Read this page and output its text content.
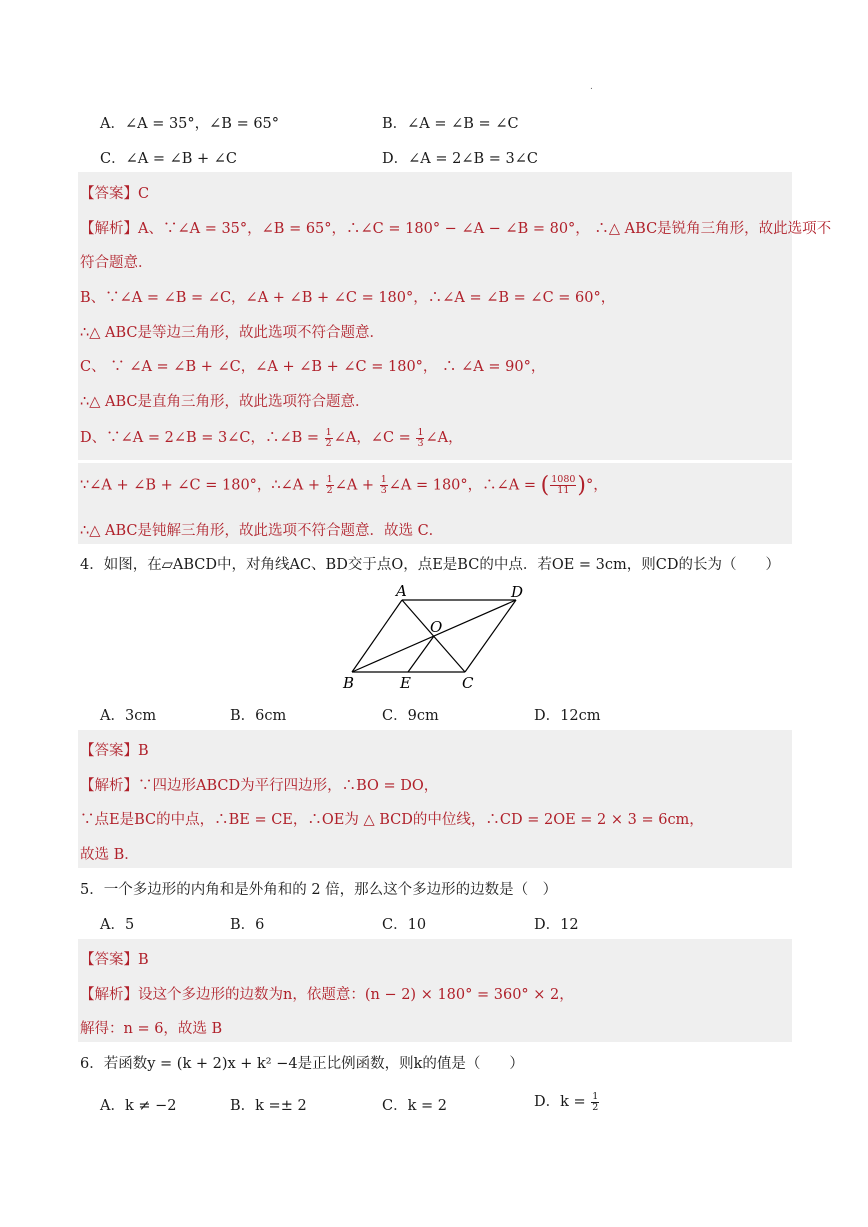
.
A．∠A = 35°，∠B = 65°	B．∠A = ∠B = ∠C
C．∠A = ∠B + ∠C	D．∠A = 2∠B = 3∠C
【答案】C
【解析】A、∵∠A = 35°，∠B = 65°，∴∠C = 180° − ∠A − ∠B = 80°， ∴△ ABC是锐角三角形，故此选项不
符合题意．
B、∵∠A = ∠B = ∠C，∠A + ∠B + ∠C = 180°，∴∠A = ∠B = ∠C = 60°，
∴△ ABC是等边三角形，故此选项不符合题意．
C、 ∵ ∠A = ∠B + ∠C，∠A + ∠B + ∠C = 180°， ∴ ∠A = 90°，
∴△ ABC是直角三角形，故此选项符合题意．
D、∵∠A = 2∠B = 3∠C，∴∠B = $\frac{1}{2}$ ∠A，∠C = $\frac{1}{3}$ ∠A，
∵∠A + ∠B + ∠C = 180°，∴∠A + $\frac{1}{2}$ ∠A + $\frac{1}{3}$ ∠A = 180°，∴∠A = ( $\frac{1080}{11}$ )°，
∴△ ABC是钝解三角形，故此选项不符合题意．故选 C．
4．如图，在▱ABCD中，对角线AC、BD交于点O，点E是BC的中点．若OE = 3cm，则CD的长为（　　）
A	D
O
B	E	C
A．3cm	B．6cm	C．9cm	D．12cm
【答案】B
【解析】∵四边形ABCD为平行四边形，∴BO = DO，
∵点E是BC的中点，∴BE = CE，∴OE为 △ BCD的中位线，∴CD = 2OE = 2 × 3 = 6cm，
故选 B．
5．一个多边形的内角和是外角和的 2 倍，那么这个多边形的边数是（　）
A．5	B．6	C．10	D．12
【答案】B
【解析】设这个多边形的边数为n，依题意：(n − 2) × 180° = 360° × 2，
解得：n = 6，故选 B
6．若函数y = (k + 2)x + k² −4是正比例函数，则k的值是（　　）
A．k ≠ −2	B．k =± 2	C．k = 2	D．$k = \frac{1}{2}$
